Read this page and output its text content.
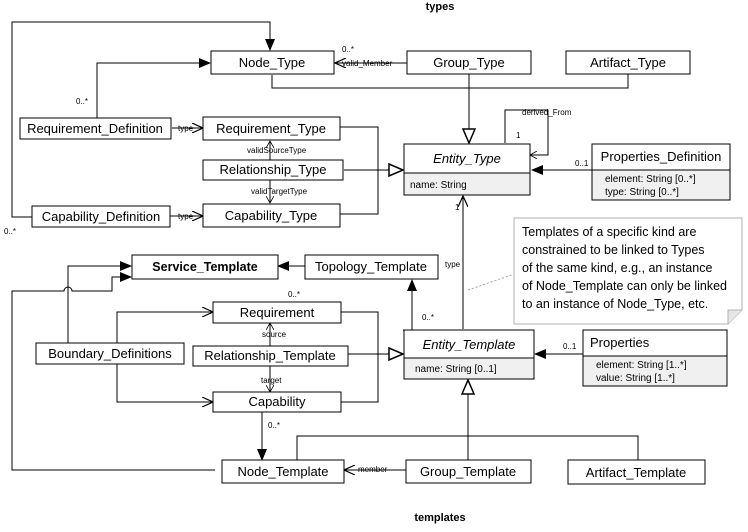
types
templates
0..*
0..*
0..*
valid_Member
derived_From
1
0..1
type
type
validSourceType
validTargetType
0..*
type
1
0..1
0..*
source
target
0..*
member
Node_Type	Group_Type	Artifact_Type
Requirement_Definition	Requirement_Type
Relationship_Type
Capability_Definition	Capability_Type
Entity_Type
name: String
Properties_Definition
element: String [0..*]
type: String [0..*]
Service_Template	Topology_Template
Requirement
Boundary_Definitions Relationship_Template
Capability
Entity_Template
name: String [0..1]
Properties
element: String [1..*]
value: String [1..*]
Node_Template	Group_Template	Artifact_Template
Templates of a specific kind are
constrained to be linked to Types
of the same kind, e.g., an instance
of Node_Template can only be linked
to an instance of Node_Type, etc.
